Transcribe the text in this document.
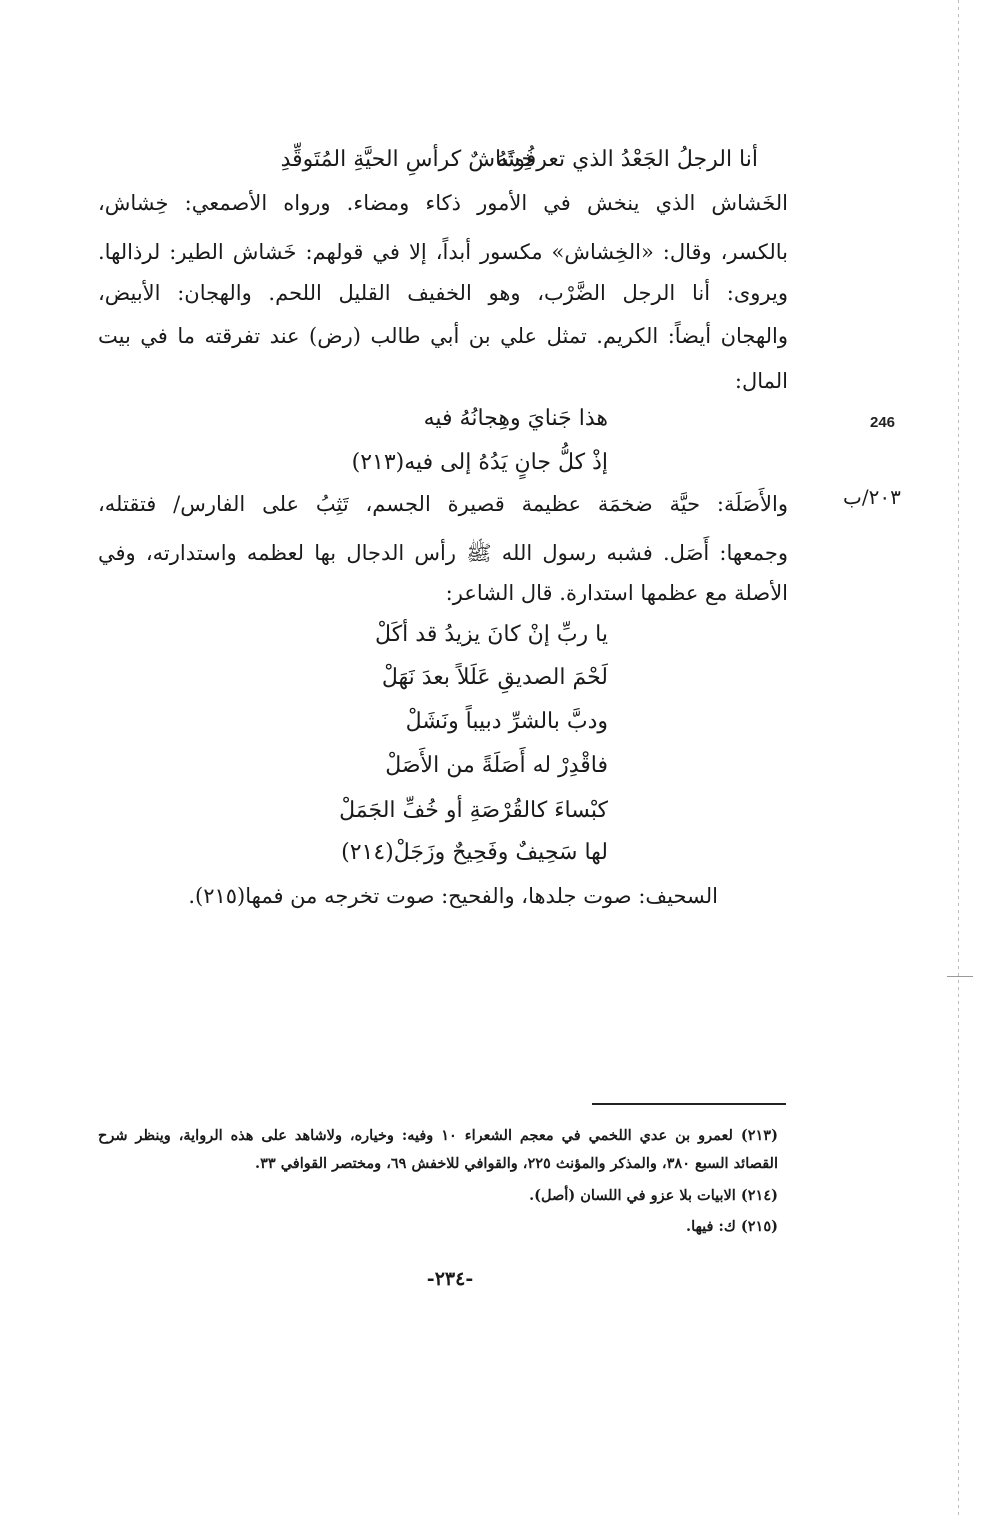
أنا الرجلُ الجَعْدُ الذي تعرفُونَهُ
خِشَاشٌ كرأسِ الحيَّةِ المُتَوقِّدِ
الخَشاش الذي ينخش في الأمور ذكاء ومضاء. ورواه الأصمعي: خِشاش،
بالكسر، وقال: «الخِشاش» مكسور أبداً، إلا في قولهم: خَشاش الطير: لرذالها.
ويروى: أنا الرجل الضَّرْب، وهو الخفيف القليل اللحم. والهجان: الأبيض،
والهجان أيضاً: الكريم. تمثل علي بن أبي طالب (رض) عند تفرقته ما في بيت
المال:
هذا جَنايَ وهِجانُهُ فيه
إذْ كلُّ جانٍ يَدُهُ إلى فيه(٢١٣)
246
٢٠٣/ب
والأَصَلَة: حيَّة ضخمَة عظيمة قصيرة الجسم، تَثِبُ على الفارس/ فتقتله،
وجمعها: أَصَل. فشبه رسول الله ﷺ رأس الدجال بها لعظمه واستدارته، وفي
الأصلة مع عظمها استدارة. قال الشاعر:
يا ربِّ إنْ كانَ يزيدُ قد أكَلْ
لَحْمَ الصديقِ عَلَلاً بعدَ نَهَلْ
ودبَّ بالشرِّ دبيباً ونَشَلْ
فاقْدِرْ له أَصَلَةً من الأَصَلْ
كبْساءَ كالقُرْصَةِ أو خُفِّ الجَمَلْ
لها سَحِيفٌ وفَحِيحٌ وزَجَلْ(٢١٤)
السحيف: صوت جلدها، والفحيح: صوت تخرجه من فمها(٢١٥).
(٢١٣) لعمرو بن عدي اللخمي في معجم الشعراء ١٠ وفيه: وخياره، ولاشاهد على هذه الرواية، وينظر شرح
القصائد السبع ٣٨٠، والمذكر والمؤنث ٢٢٥، والقوافي للاخفش ٦٩، ومختصر القوافي ٣٣.
(٢١٤) الابيات بلا عزو في اللسان (أصل).
(٢١٥) ك: فيها.
-٢٣٤-
